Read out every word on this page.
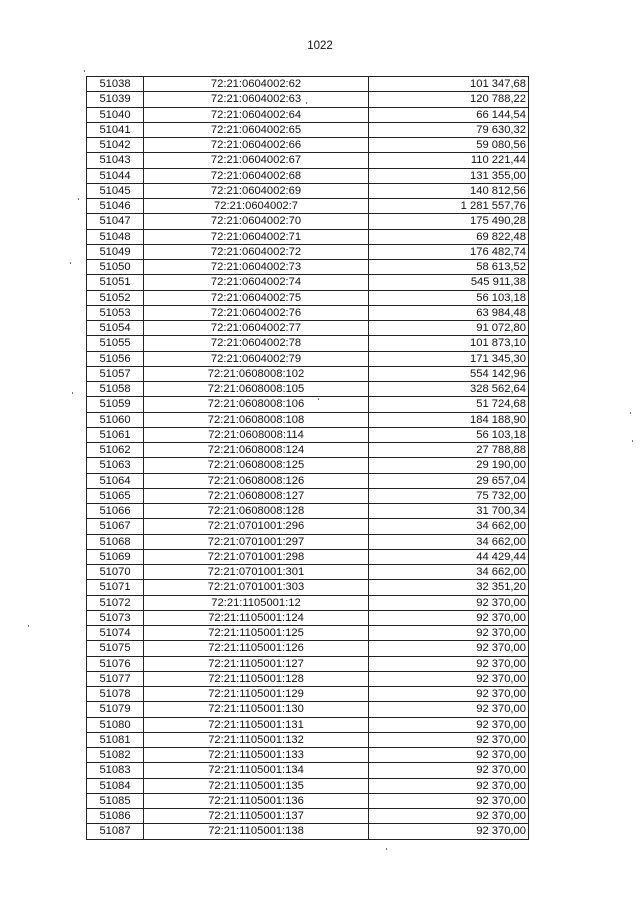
1022
51038	72:21:0604002:62	101 347,68
51039	72:21:0604002:63	120 788,22
51040	72:21:0604002:64	66 144,54
51041	72:21:0604002:65	79 630,32
51042	72:21:0604002:66	59 080,56
51043	72:21:0604002:67	110 221,44
51044	72:21:0604002:68	131 355,00
51045	72:21:0604002:69	140 812,56
51046	72:21:0604002:7	1 281 557,76
51047	72:21:0604002:70	175 490,28
51048	72:21:0604002:71	69 822,48
51049	72:21:0604002:72	176 482,74
51050	72:21:0604002:73	58 613,52
51051	72:21:0604002:74	545 911,38
51052	72:21:0604002:75	56 103,18
51053	72:21:0604002:76	63 984,48
51054	72:21:0604002:77	91 072,80
51055	72:21:0604002:78	101 873,10
51056	72:21:0604002:79	171 345,30
51057	72:21:0608008:102	554 142,96
51058	72:21:0608008:105	328 562,64
51059	72:21:0608008:106	51 724,68
51060	72:21:0608008:108	184 188,90
51061	72:21:0608008:114	56 103,18
51062	72:21:0608008:124	27 788,88
51063	72:21:0608008:125	29 190,00
51064	72:21:0608008:126	29 657,04
51065	72:21:0608008:127	75 732,00
51066	72:21:0608008:128	31 700,34
51067	72:21:0701001:296	34 662,00
51068	72:21:0701001:297	34 662,00
51069	72:21:0701001:298	44 429,44
51070	72:21:0701001:301	34 662,00
51071	72:21:0701001:303	32 351,20
51072	72:21:1105001:12	92 370,00
51073	72:21:1105001:124	92 370,00
51074	72:21:1105001:125	92 370,00
51075	72:21:1105001:126	92 370,00
51076	72:21:1105001:127	92 370,00
51077	72:21:1105001:128	92 370,00
51078	72:21:1105001:129	92 370,00
51079	72:21:1105001:130	92 370,00
51080	72:21:1105001:131	92 370,00
51081	72:21:1105001:132	92 370,00
51082	72:21:1105001:133	92 370,00
51083	72:21:1105001:134	92 370,00
51084	72:21:1105001:135	92 370,00
51085	72:21:1105001:136	92 370,00
51086	72:21:1105001:137	92 370,00
51087	72:21:1105001:138	92 370,00
